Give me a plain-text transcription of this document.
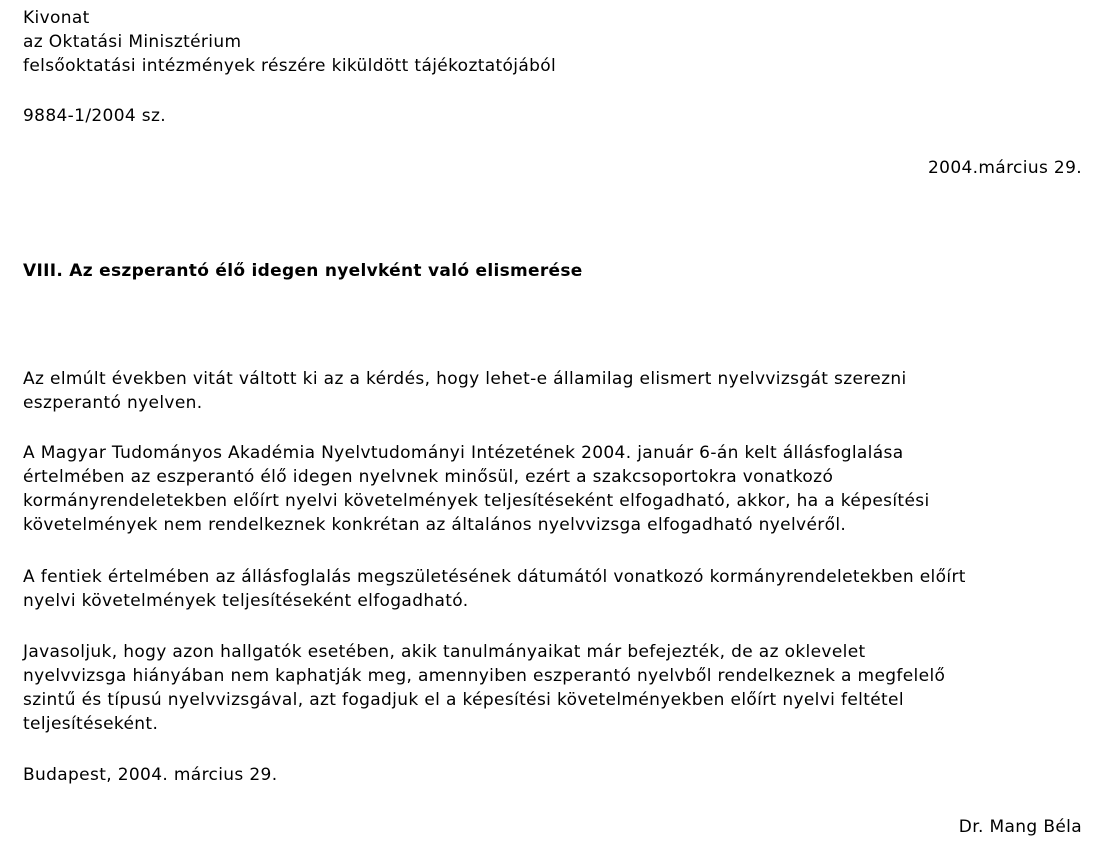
Kivonat
az Oktatási Minisztérium
felsőoktatási intézmények részére kiküldött tájékoztatójából
9884-1/2004 sz.
2004.március 29.
VIII. Az eszperantó élő idegen nyelvként való elismerése
Az elmúlt években vitát váltott ki az a kérdés, hogy lehet-e államilag elismert nyelvvizsgát szerezni
eszperantó nyelven.
A Magyar Tudományos Akadémia Nyelvtudományi Intézetének 2004. január 6-án kelt állásfoglalása
értelmében az eszperantó élő idegen nyelvnek minősül, ezért a szakcsoportokra vonatkozó
kormányrendeletekben előírt nyelvi követelmények teljesítéseként elfogadható, akkor, ha a képesítési
követelmények nem rendelkeznek konkrétan az általános nyelvvizsga elfogadható nyelvéről.
A fentiek értelmében az állásfoglalás megszületésének dátumától vonatkozó kormányrendeletekben előírt
nyelvi követelmények teljesítéseként elfogadható.
Javasoljuk, hogy azon hallgatók esetében, akik tanulmányaikat már befejezték, de az oklevelet
nyelvvizsga hiányában nem kaphatják meg, amennyiben eszperantó nyelvből rendelkeznek a megfelelő
szintű és típusú nyelvvizsgával, azt fogadjuk el a képesítési követelményekben előírt nyelvi feltétel
teljesítéseként.
Budapest, 2004. március 29.
Dr. Mang Béla
